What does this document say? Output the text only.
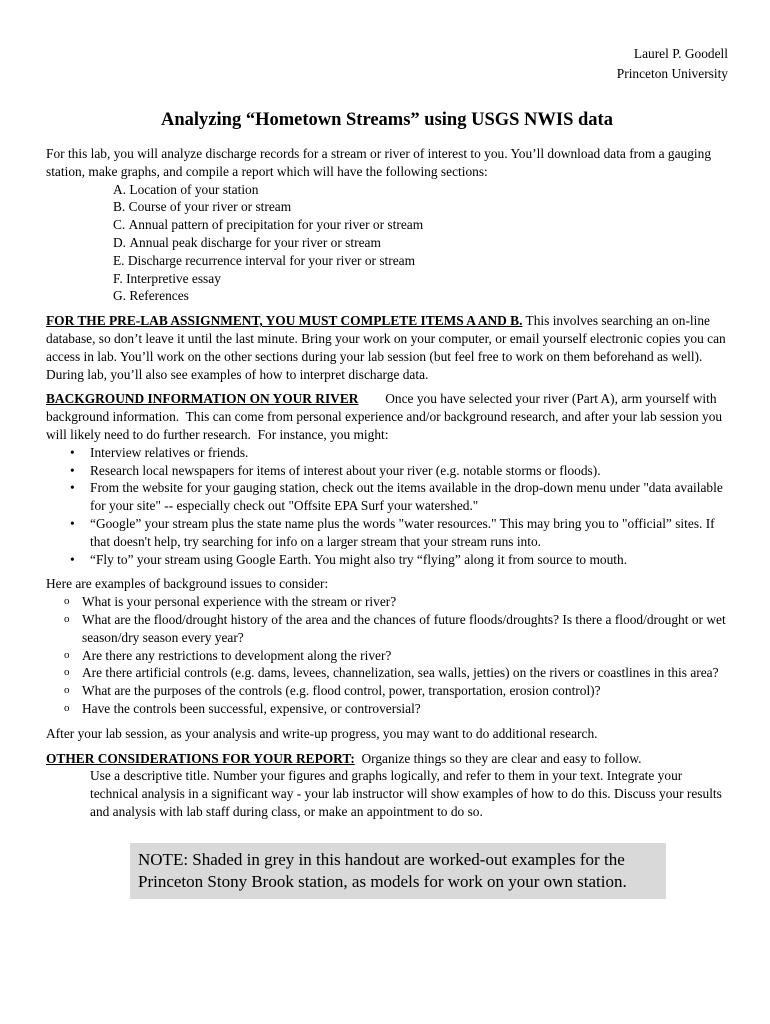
Laurel P. Goodell
Princeton University
Analyzing “Hometown Streams” using USGS NWIS data

For this lab, you will analyze discharge records for a stream or river of interest to you. You’ll download data from a gauging station, make graphs, and compile a report which will have the following sections:

A. Location of your station
B. Course of your river or stream
C. Annual pattern of precipitation for your river or stream
D. Annual peak discharge for your river or stream
E. Discharge recurrence interval for your river or stream
F. Interpretive essay
G. References

FOR THE PRE-LAB ASSIGNMENT, YOU MUST COMPLETE ITEMS A AND B. This involves searching an on-line database, so don’t leave it until the last minute. Bring your work on your computer, or email yourself electronic copies you can access in lab. You’ll work on the other sections during your lab session (but feel free to work on them beforehand as well). During lab, you’ll also see examples of how to interpret discharge data.

BACKGROUND INFORMATION ON YOUR RIVER        Once you have selected your river (Part A), arm yourself with background information.  This can come from personal experience and/or background research, and after your lab session you will likely need to do further research.  For instance, you might:

• Interview relatives or friends.
• Research local newspapers for items of interest about your river (e.g. notable storms or floods).
• From the website for your gauging station, check out the items available in the drop-down menu under "data available for your site" -- especially check out "Offsite EPA Surf your watershed."
• “Google” your stream plus the state name plus the words "water resources." This may bring you to "official” sites. If that doesn't help, try searching for info on a larger stream that your stream runs into.
• “Fly to” your stream using Google Earth. You might also try “flying” along it from source to mouth.

Here are examples of background issues to consider:

o What is your personal experience with the stream or river?
o What are the flood/drought history of the area and the chances of future floods/droughts? Is there a flood/drought or wet season/dry season every year?
o Are there any restrictions to development along the river?
o Are there artificial controls (e.g. dams, levees, channelization, sea walls, jetties) on the rivers or coastlines in this area?
o What are the purposes of the controls (e.g. flood control, power, transportation, erosion control)?
o Have the controls been successful, expensive, or controversial?

After your lab session, as your analysis and write-up progress, you may want to do additional research.

OTHER CONSIDERATIONS FOR YOUR REPORT:  Organize things so they are clear and easy to follow.

Use a descriptive title. Number your figures and graphs logically, and refer to them in your text. Integrate your technical analysis in a significant way - your lab instructor will show examples of how to do this. Discuss your results and analysis with lab staff during class, or make an appointment to do so.

NOTE: Shaded in grey in this handout are worked-out examples for the Princeton Stony Brook station, as models for work on your own station.
